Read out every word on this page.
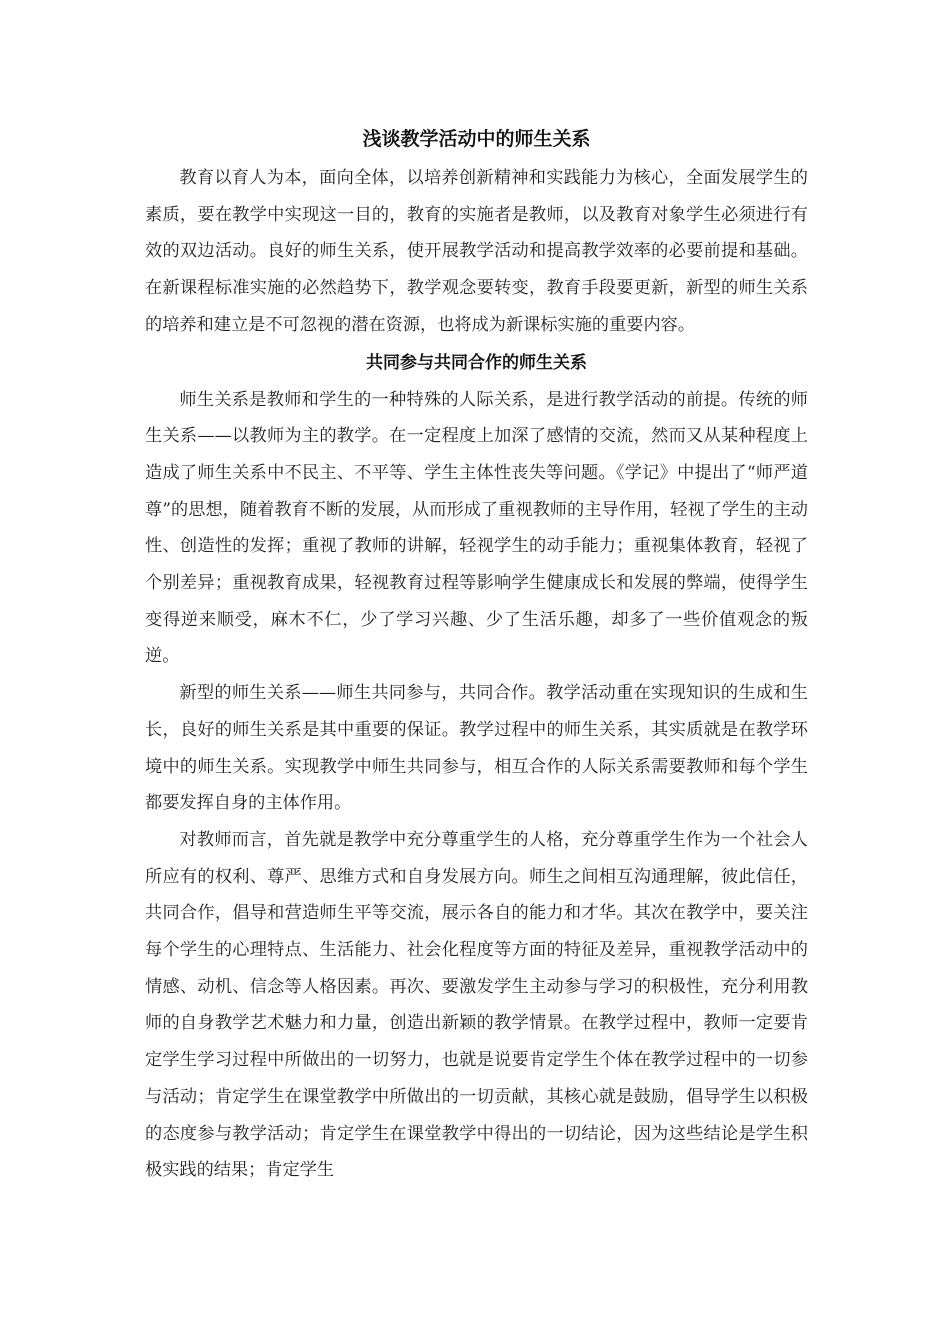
浅谈教学活动中的师生关系

教育以育人为本，面向全体，以培养创新精神和实践能力为核心，全面发展学生的素质，要在教学中实现这一目的，教育的实施者是教师，以及教育对象学生必须进行有效的双边活动。良好的师生关系，使开展教学活动和提高教学效率的必要前提和基础。在新课程标准实施的必然趋势下，教学观念要转变，教育手段要更新，新型的师生关系的培养和建立是不可忽视的潜在资源，也将成为新课标实施的重要内容。

共同参与共同合作的师生关系

师生关系是教师和学生的一种特殊的人际关系，是进行教学活动的前提。传统的师生关系——以教师为主的教学。在一定程度上加深了感情的交流，然而又从某种程度上造成了师生关系中不民主、不平等、学生主体性丧失等问题。《学记》中提出了“师严道尊”的思想，随着教育不断的发展，从而形成了重视教师的主导作用，轻视了学生的主动性、创造性的发挥；重视了教师的讲解，轻视学生的动手能力；重视集体教育，轻视了个别差异；重视教育成果，轻视教育过程等影响学生健康成长和发展的弊端，使得学生变得逆来顺受，麻木不仁，少了学习兴趣、少了生活乐趣，却多了一些价值观念的叛逆。

新型的师生关系——师生共同参与，共同合作。教学活动重在实现知识的生成和生长，良好的师生关系是其中重要的保证。教学过程中的师生关系，其实质就是在教学环境中的师生关系。实现教学中师生共同参与，相互合作的人际关系需要教师和每个学生都要发挥自身的主体作用。

对教师而言，首先就是教学中充分尊重学生的人格，充分尊重学生作为一个社会人所应有的权利、尊严、思维方式和自身发展方向。师生之间相互沟通理解，彼此信任，共同合作，倡导和营造师生平等交流，展示各自的能力和才华。其次在教学中，要关注每个学生的心理特点、生活能力、社会化程度等方面的特征及差异，重视教学活动中的情感、动机、信念等人格因素。再次、要激发学生主动参与学习的积极性，充分利用教师的自身教学艺术魅力和力量，创造出新颖的教学情景。在教学过程中，教师一定要肯定学生学习过程中所做出的一切努力，也就是说要肯定学生个体在教学过程中的一切参与活动；肯定学生在课堂教学中所做出的一切贡献，其核心就是鼓励，倡导学生以积极的态度参与教学活动；肯定学生在课堂教学中得出的一切结论，因为这些结论是学生积极实践的结果；肯定学生
